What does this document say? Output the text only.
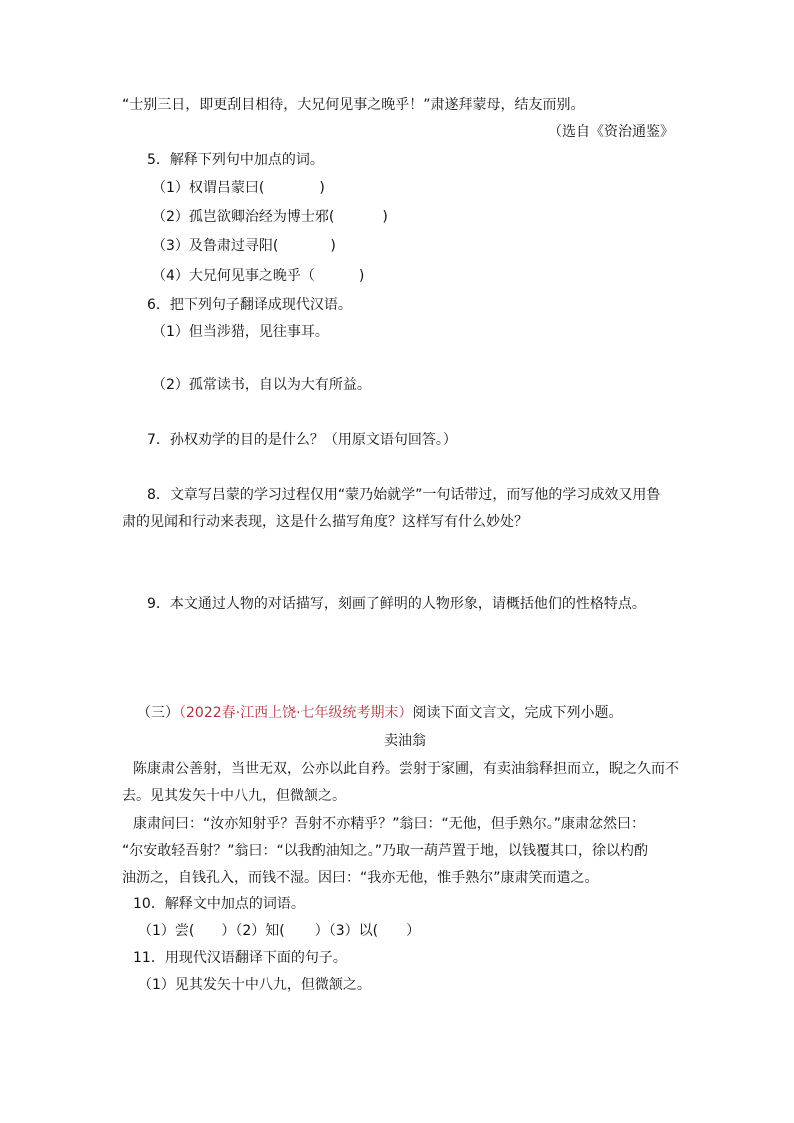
“士别三日，即更刮目相待，大兄何见事之晚乎！”肃遂拜蒙母，结友而别。
（选自《资治通鉴》
5．解释下列句中加点的词。
（1）权谓吕蒙曰(	)
（2）孤岂欲卿治经为博士邪(	)
（3）及鲁肃过寻阳(	)
（4）大兄何见事之晚乎（	)
6．把下列句子翻译成现代汉语。
（1）但当涉猎，见往事耳。
（2）孤常读书，自以为大有所益。
7．孙权劝学的目的是什么？（用原文语句回答。）
8．文章写吕蒙的学习过程仅用“蒙乃始就学”一句话带过，而写他的学习成效又用鲁
肃的见闻和行动来表现，这是什么描写角度？这样写有什么妙处？
9．本文通过人物的对话描写，刻画了鲜明的人物形象，请概括他们的性格特点。
（三）（2022春·江西上饶·七年级统考期末）阅读下面文言文，完成下列小题。
卖油翁
陈康肃公善射，当世无双，公亦以此自矜。尝射于家圃，有卖油翁释担而立，睨之久而不
去。见其发矢十中八九，但微颔之。
康肃问曰：“汝亦知射乎？吾射不亦精乎？”翁曰：“无他，但手熟尔。”康肃忿然曰：
“尔安敢轻吾射？”翁曰：“以我酌油知之。”乃取一葫芦置于地，以钱覆其口，徐以杓酌
油沥之，自钱孔入，而钱不湿。因曰：“我亦无他，惟手熟尔”康肃笑而遣之。
10．解释文中加点的词语。
（1）尝( ）（2）知( ）（3）以( ）
11．用现代汉语翻译下面的句子。
（1）见其发矢十中八九，但微颔之。
